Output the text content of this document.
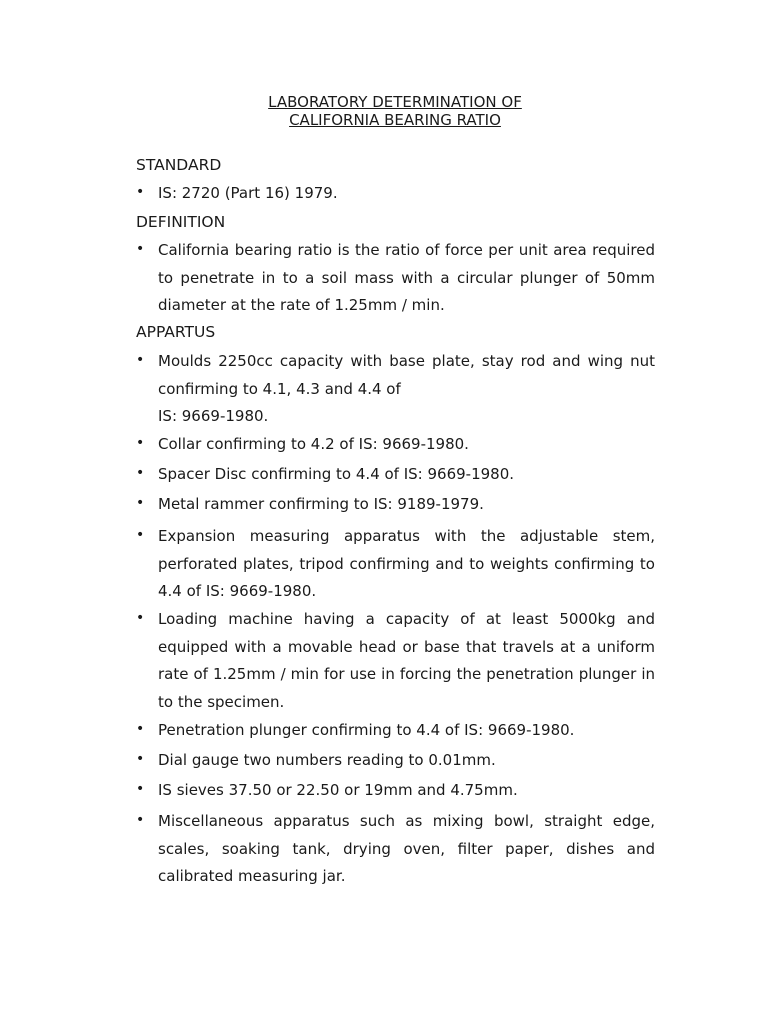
LABORATORY DETERMINATION OF
CALIFORNIA BEARING RATIO
STANDARD
• IS: 2720 (Part 16) 1979.
DEFINITION
• California bearing ratio is the ratio of force per unit area required to penetrate in to a soil mass with a circular plunger of 50mm diameter at the rate of 1.25mm / min.
APPARTUS
• Moulds 2250cc capacity with base plate, stay rod and wing nut confirming to 4.1, 4.3 and 4.4 of
IS: 9669-1980.
• Collar confirming to 4.2 of IS: 9669-1980.
• Spacer Disc confirming to 4.4 of IS: 9669-1980.
• Metal rammer confirming to IS: 9189-1979.
• Expansion measuring apparatus with the adjustable stem, perforated plates, tripod confirming and to weights confirming to 4.4 of IS: 9669-1980.
• Loading machine having a capacity of at least 5000kg and equipped with a movable head or base that travels at a uniform rate of 1.25mm / min for use in forcing the penetration plunger in to the specimen.
• Penetration plunger confirming to 4.4 of IS: 9669-1980.
• Dial gauge two numbers reading to 0.01mm.
• IS sieves 37.50 or 22.50 or 19mm and 4.75mm.
• Miscellaneous apparatus such as mixing bowl, straight edge, scales, soaking tank, drying oven, filter paper, dishes and calibrated measuring jar.
